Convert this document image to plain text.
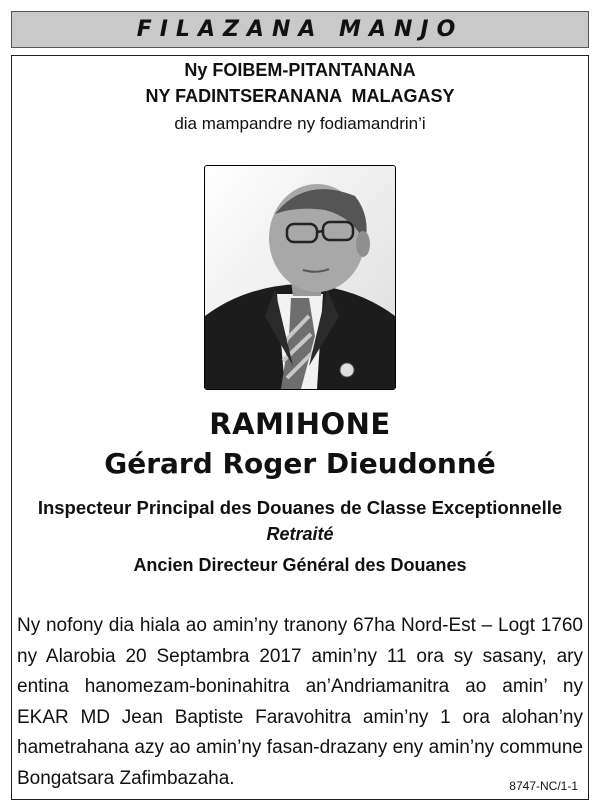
FILAZANA MANJO
Ny FOIBEM-PITANTANANA
NY FADINTSERANANA  MALAGASY
dia mampandre ny fodiamandrin’i
RAMIHONE
Gérard Roger Dieudonné
Inspecteur Principal des Douanes de Classe Exceptionnelle
Retraité
Ancien Directeur Général des Douanes

Ny nofony dia hiala ao amin’ny tranony 67ha Nord-Est – Logt 1760 ny Alarobia 20 Septambra 2017 amin’ny 11 ora sy sasany, ary entina hanomezam-boninahitra an’Andriamanitra ao amin’ ny EKAR MD Jean Baptiste Faravohitra amin’ny 1 ora alohan’ny hametrahana azy ao amin’ny fasan-drazany eny amin’ny commune Bongatsara Zafimbazaha.	8747-NC/1-1
